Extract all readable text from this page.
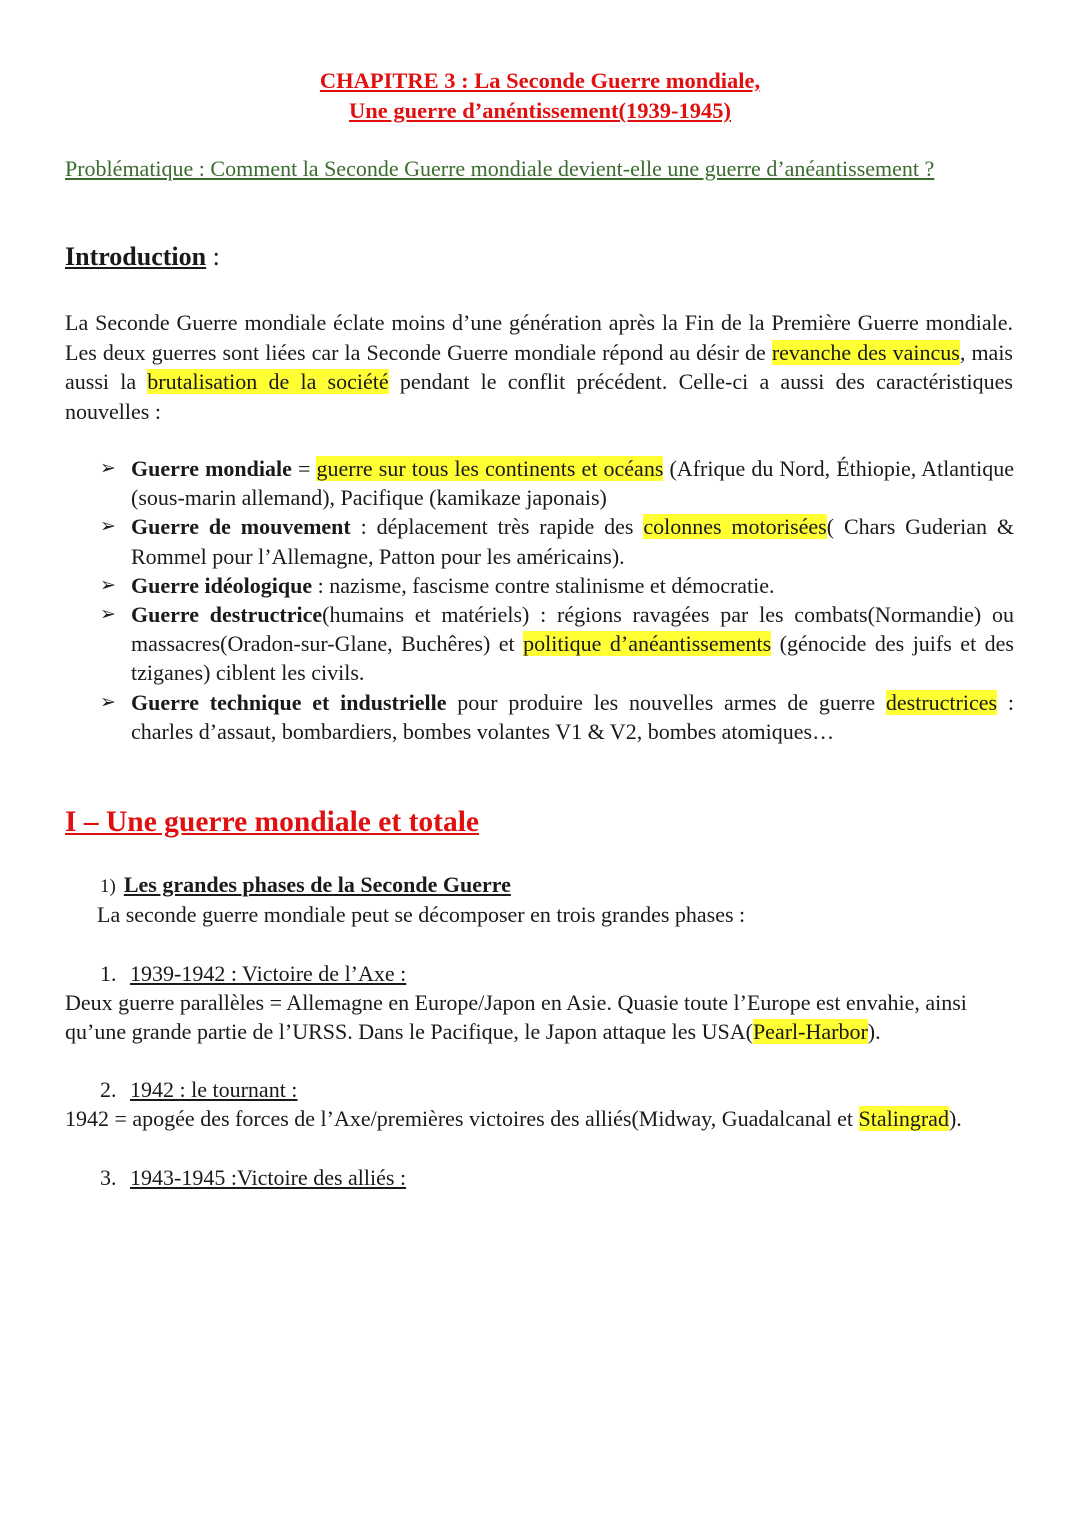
CHAPITRE 3 : La Seconde Guerre mondiale,
Une guerre d’anéntissement(1939-1945)
Problématique : Comment la Seconde Guerre mondiale devient-elle une guerre d’anéantissement ?
Introduction :
La Seconde Guerre mondiale éclate moins d’une génération après la Fin de la Première Guerre mondiale. Les deux guerres sont liées car la Seconde Guerre mondiale répond au désir de revanche des vaincus, mais aussi la brutalisation de la société pendant le conflit précédent. Celle-ci a aussi des caractéristiques nouvelles :
➢ Guerre mondiale = guerre sur tous les continents et océans (Afrique du Nord, Éthiopie, Atlantique (sous-marin allemand), Pacifique (kamikaze japonais)
➢ Guerre de mouvement : déplacement très rapide des colonnes motorisées( Chars Guderian & Rommel pour l’Allemagne, Patton pour les américains).
➢ Guerre idéologique : nazisme, fascisme contre stalinisme et démocratie.
➢ Guerre destructrice(humains et matériels) : régions ravagées par les combats(Normandie) ou massacres(Oradon-sur-Glane, Buchêres) et politique d’anéantissements (génocide des juifs et des tziganes) ciblent les civils.
➢ Guerre technique et industrielle pour produire les nouvelles armes de guerre destructrices : charles d’assaut, bombardiers, bombes volantes V1 & V2, bombes atomiques…
I – Une guerre mondiale et totale
1) Les grandes phases de la Seconde Guerre
La seconde guerre mondiale peut se décomposer en trois grandes phases :
1. 1939-1942 : Victoire de l’Axe :
Deux guerre parallèles = Allemagne en Europe/Japon en Asie. Quasie toute l’Europe est envahie, ainsi qu’une grande partie de l’URSS. Dans le Pacifique, le Japon attaque les USA(Pearl-Harbor).
2. 1942 : le tournant :
1942 = apogée des forces de l’Axe/premières victoires des alliés(Midway, Guadalcanal et Stalingrad).
3. 1943-1945 :Victoire des alliés :
